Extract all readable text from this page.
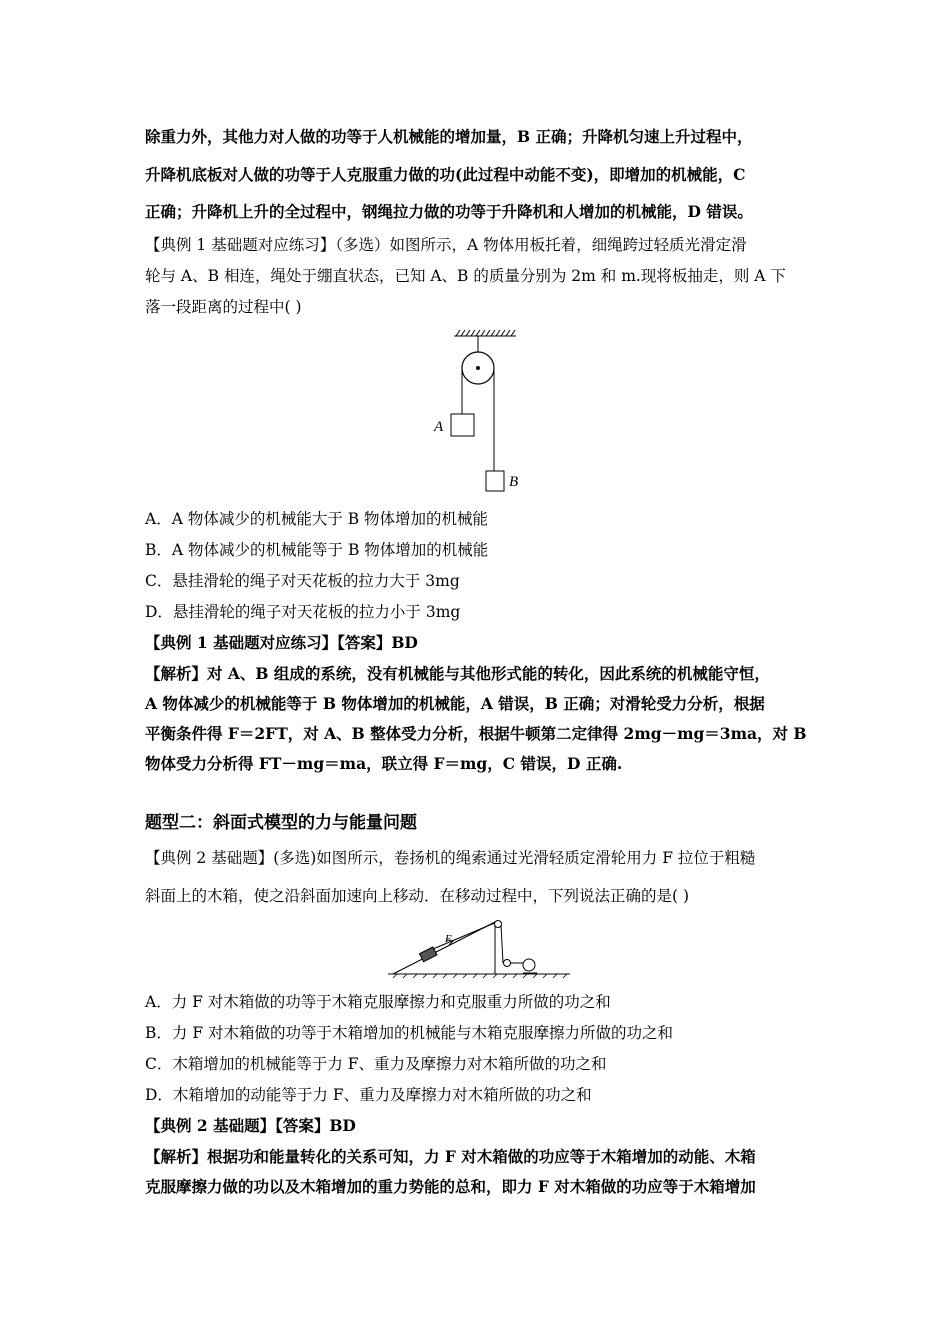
除重力外，其他力对人做的功等于人机械能的增加量，B 正确；升降机匀速上升过程中，
升降机底板对人做的功等于人克服重力做的功(此过程中动能不变)，即增加的机械能，C
正确；升降机上升的全过程中，钢绳拉力做的功等于升降机和人增加的机械能，D 错误。
【典例 1 基础题对应练习】（多选）如图所示，A 物体用板托着，细绳跨过轻质光滑定滑
轮与 A、B 相连，绳处于绷直状态，已知 A、B 的质量分别为 2m 和 m.现将板抽走，则 A 下
落一段距离的过程中( )
A
B
A．A 物体减少的机械能大于 B 物体增加的机械能
B．A 物体减少的机械能等于 B 物体增加的机械能
C．悬挂滑轮的绳子对天花板的拉力大于 3mg
D．悬挂滑轮的绳子对天花板的拉力小于 3mg
【典例 1 基础题对应练习】【答案】BD
【解析】对 A、B 组成的系统，没有机械能与其他形式能的转化，因此系统的机械能守恒，
A 物体减少的机械能等于 B 物体增加的机械能，A 错误，B 正确；对滑轮受力分析，根据
平衡条件得 F＝2FT，对 A、B 整体受力分析，根据牛顿第二定律得 2mg－mg＝3ma，对 B
物体受力分析得 FT－mg＝ma，联立得 F＝mg，C 错误，D 正确.
题型二：斜面式模型的力与能量问题
【典例 2 基础题】(多选)如图所示，卷扬机的绳索通过光滑轻质定滑轮用力 F 拉位于粗糙
斜面上的木箱，使之沿斜面加速向上移动．在移动过程中，下列说法正确的是( )
F
A．力 F 对木箱做的功等于木箱克服摩擦力和克服重力所做的功之和
B．力 F 对木箱做的功等于木箱增加的机械能与木箱克服摩擦力所做的功之和
C．木箱增加的机械能等于力 F、重力及摩擦力对木箱所做的功之和
D．木箱增加的动能等于力 F、重力及摩擦力对木箱所做的功之和
【典例 2 基础题】【答案】BD
【解析】根据功和能量转化的关系可知，力 F 对木箱做的功应等于木箱增加的动能、木箱
克服摩擦力做的功以及木箱增加的重力势能的总和，即力 F 对木箱做的功应等于木箱增加
